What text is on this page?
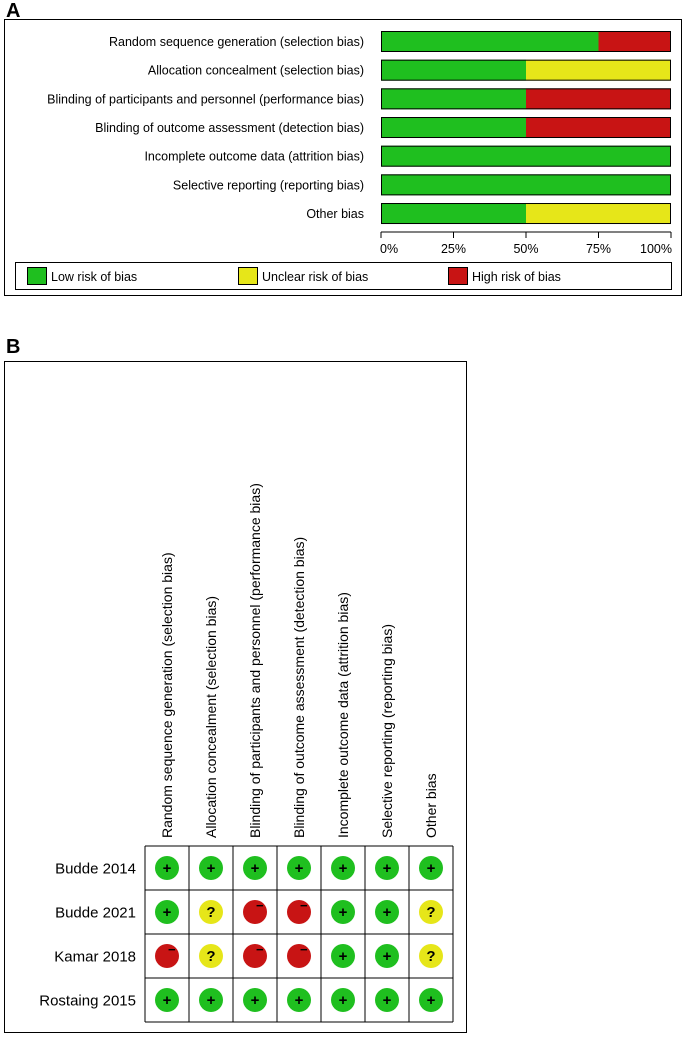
A
B
Random sequence generation (selection bias)
Allocation concealment (selection bias)
Blinding of participants and personnel (performance bias)
Blinding of outcome assessment (detection bias)
Incomplete outcome data (attrition bias)
Selective reporting (reporting bias)
Other bias
0%	25%	50%	75% 100%
Low risk of bias	Unclear risk of bias	High risk of bias
Random sequence generation (selection bias) Allocation concealment (selection bias) Blinding of participants and personnel (performance bias) Blinding of outcome assessment (detection bias) Incomplete outcome data (attrition bias) Selective reporting (reporting bias) Other bias
Budde 2014 + + + + + + +
Budde 2021 + ?	−	− + + ?
Kamar 2018 − ?	−	− + + ?
Rostaing 2015 + + + + + + +
